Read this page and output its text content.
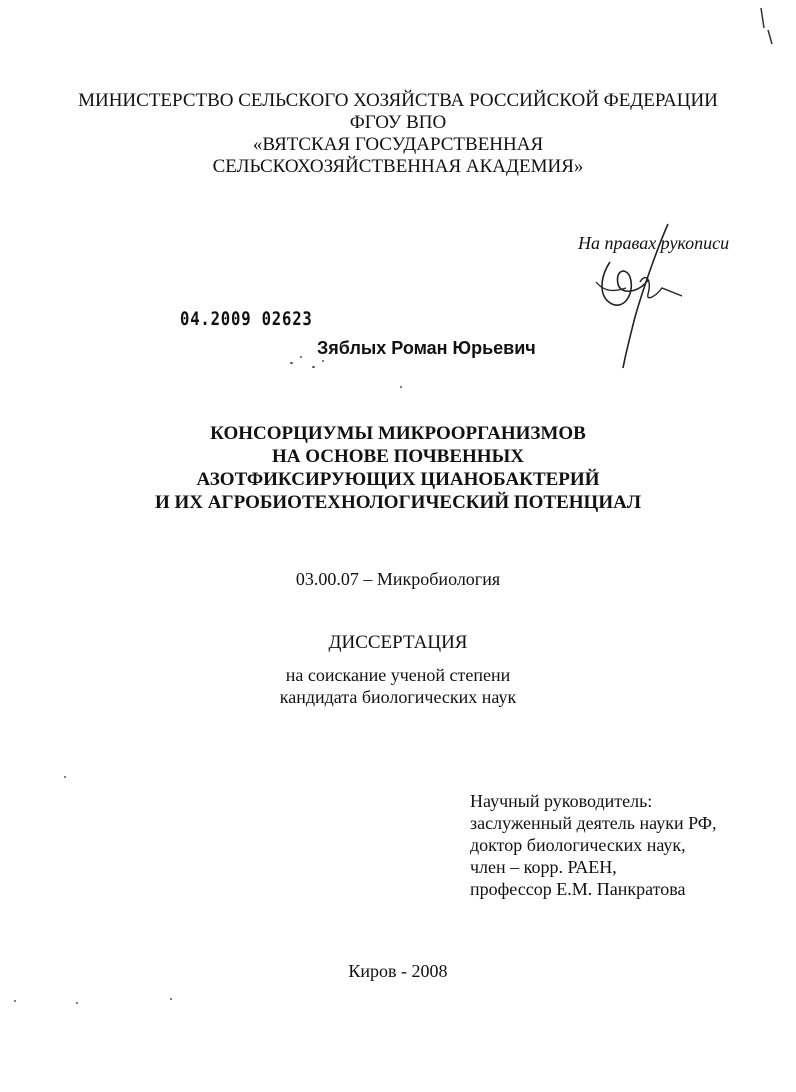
МИНИСТЕРСТВО СЕЛЬСКОГО ХОЗЯЙСТВА РОССИЙСКОЙ ФЕДЕРАЦИИ
ФГОУ ВПО
«ВЯТСКАЯ ГОСУДАРСТВЕННАЯ
СЕЛЬСКОХОЗЯЙСТВЕННАЯ АКАДЕМИЯ»
На правах рукописи
04.2009 02623
Зяблых Роман Юрьевич
КОНСОРЦИУМЫ МИКРООРГАНИЗМОВ
НА ОСНОВЕ ПОЧВЕННЫХ
АЗОТФИКСИРУЮЩИХ ЦИАНОБАКТЕРИЙ
И ИХ АГРОБИОТЕХНОЛОГИЧЕСКИЙ ПОТЕНЦИАЛ
03.00.07 – Микробиология
ДИССЕРТАЦИЯ
на соискание ученой степени
кандидата биологических наук
Научный руководитель:
заслуженный деятель науки РФ,
доктор биологических наук,
член – корр. РАЕН,
профессор Е.М. Панкратова
Киров - 2008
